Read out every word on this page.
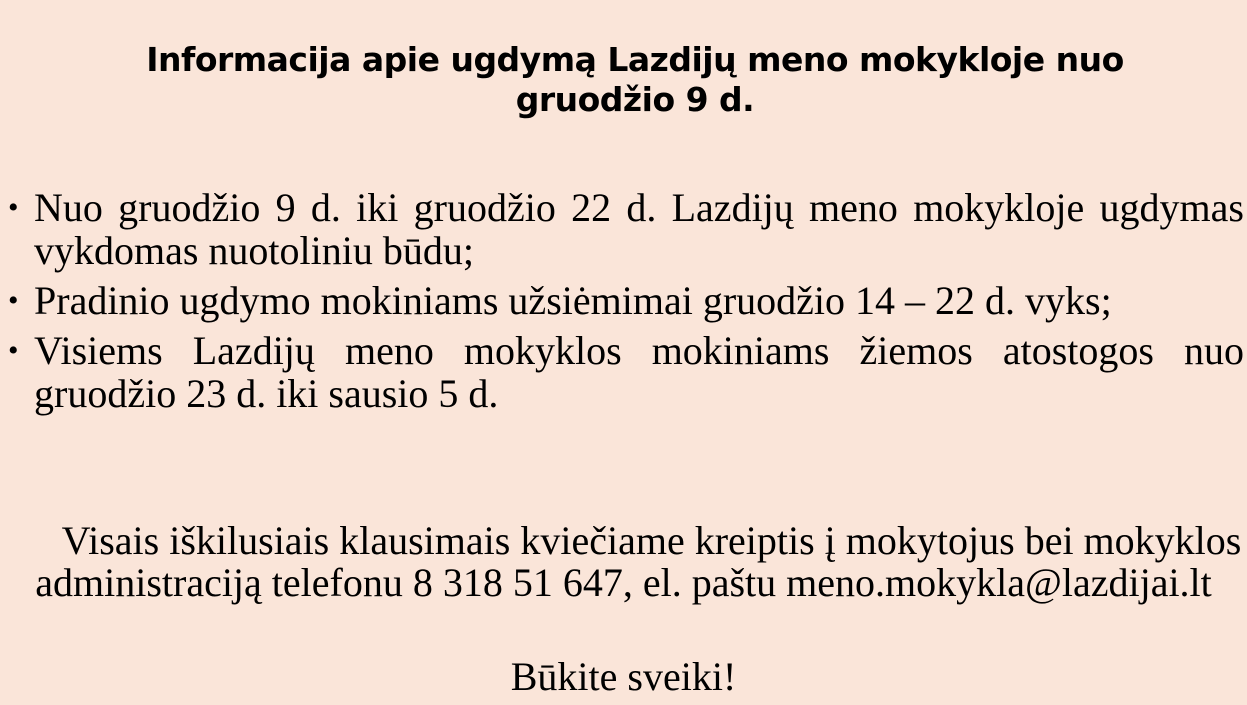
Informacija apie ugdymą Lazdijų meno mokykloje nuo gruodžio 9 d.
• Nuo gruodžio 9 d. iki gruodžio 22 d. Lazdijų meno mokykloje ugdymas vykdomas nuotoliniu būdu;
• Pradinio ugdymo mokiniams užsiėmimai gruodžio 14 – 22 d. vyks;
• Visiems Lazdijų meno mokyklos mokiniams žiemos atostogos nuo gruodžio 23 d. iki sausio 5 d.

Visais iškilusiais klausimais kviečiame kreiptis į mokytojus bei mokyklos administraciją telefonu 8 318 51 647, el. paštu meno.mokykla@lazdijai.lt

Būkite sveiki!
